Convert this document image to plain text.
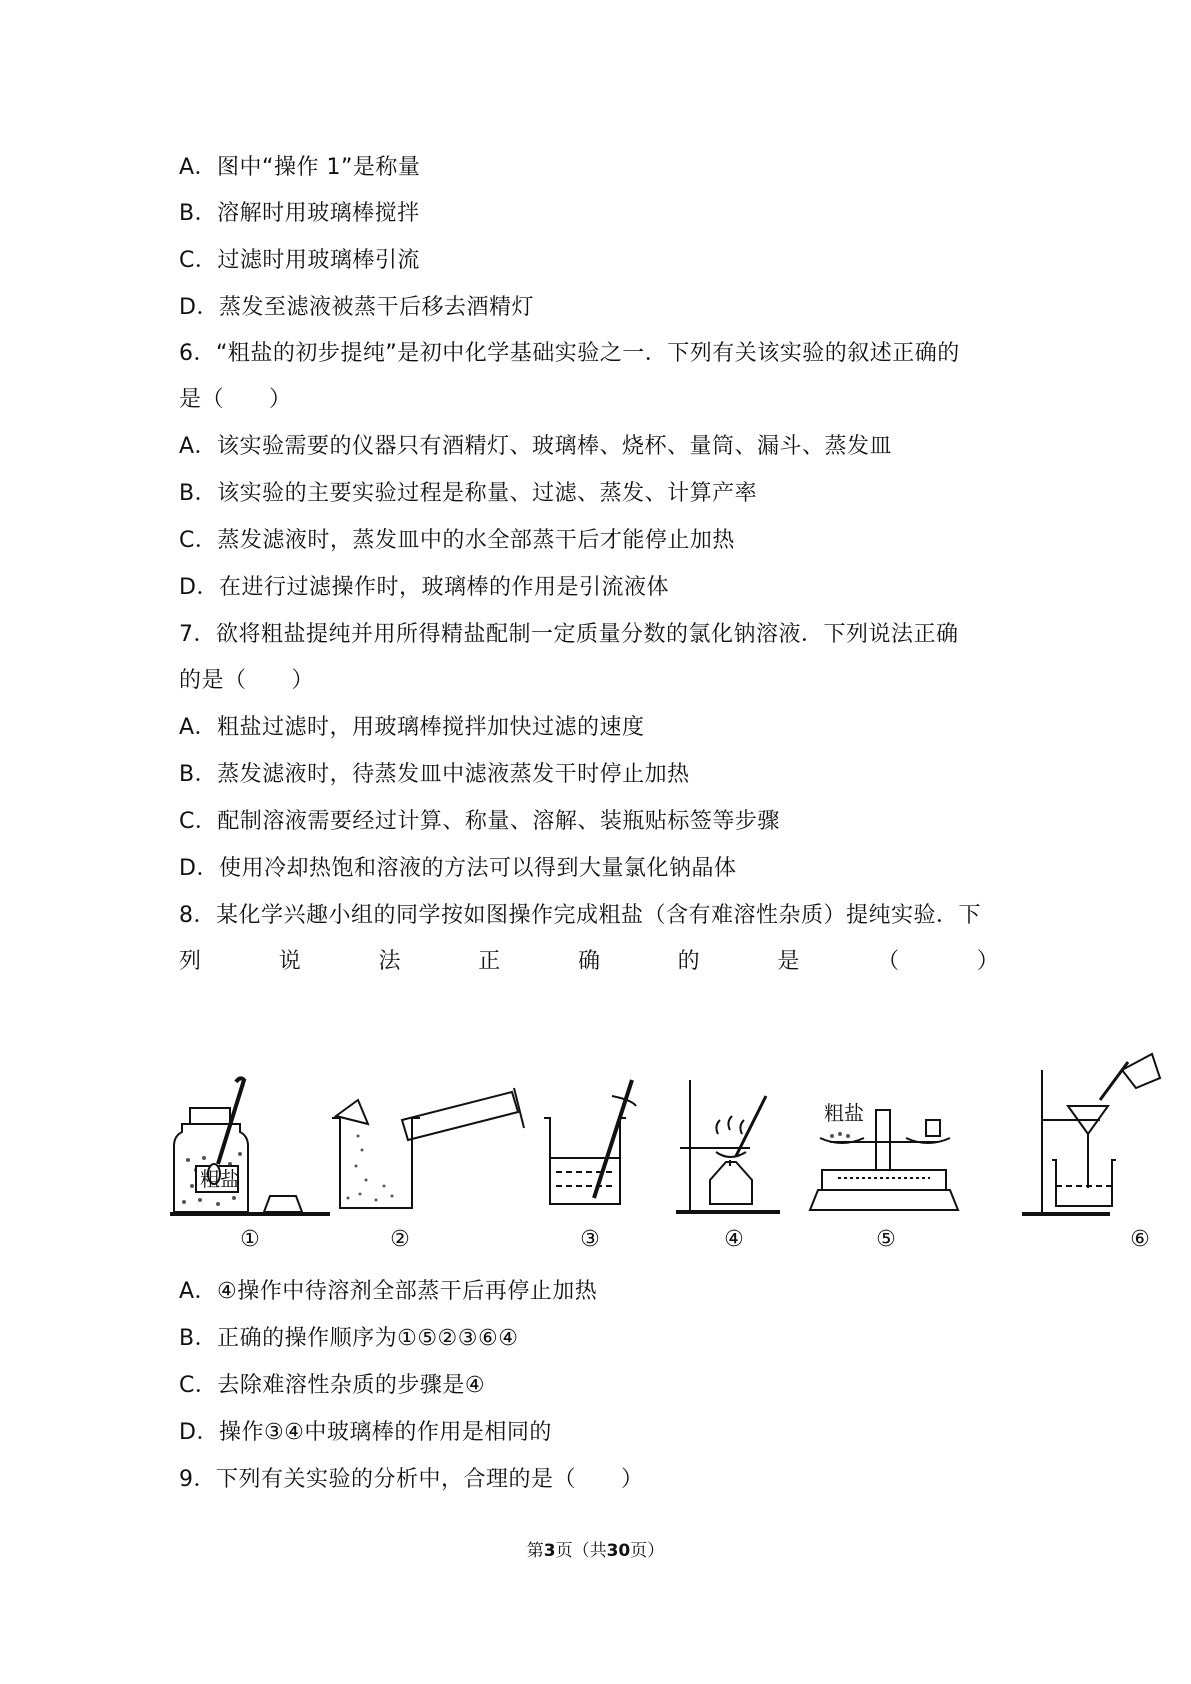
A．图中“操作 1”是称量
B．溶解时用玻璃棒搅拌
C．过滤时用玻璃棒引流
D．蒸发至滤液被蒸干后移去酒精灯
6．“粗盐的初步提纯”是初中化学基础实验之一．下列有关该实验的叙述正确的
是（　　）
A．该实验需要的仪器只有酒精灯、玻璃棒、烧杯、量筒、漏斗、蒸发皿
B．该实验的主要实验过程是称量、过滤、蒸发、计算产率
C．蒸发滤液时，蒸发皿中的水全部蒸干后才能停止加热
D．在进行过滤操作时，玻璃棒的作用是引流液体
7．欲将粗盐提纯并用所得精盐配制一定质量分数的氯化钠溶液．下列说法正确
的是（　　）
A．粗盐过滤时，用玻璃棒搅拌加快过滤的速度
B．蒸发滤液时，待蒸发皿中滤液蒸发干时停止加热
C．配制溶液需要经过计算、称量、溶解、装瓶贴标签等步骤
D．使用冷却热饱和溶液的方法可以得到大量氯化钠晶体
8．某化学兴趣小组的同学按如图操作完成粗盐（含有难溶性杂质）提纯实验．下
列	说	法	正	确	的	是	（	）
粗盐
粗盐
①	②	③	④	⑤	⑥
A．④操作中待溶剂全部蒸干后再停止加热
B．正确的操作顺序为①⑤②③⑥④
C．去除难溶性杂质的步骤是④
D．操作③④中玻璃棒的作用是相同的
9．下列有关实验的分析中，合理的是（　　）
第3页（共30页）
